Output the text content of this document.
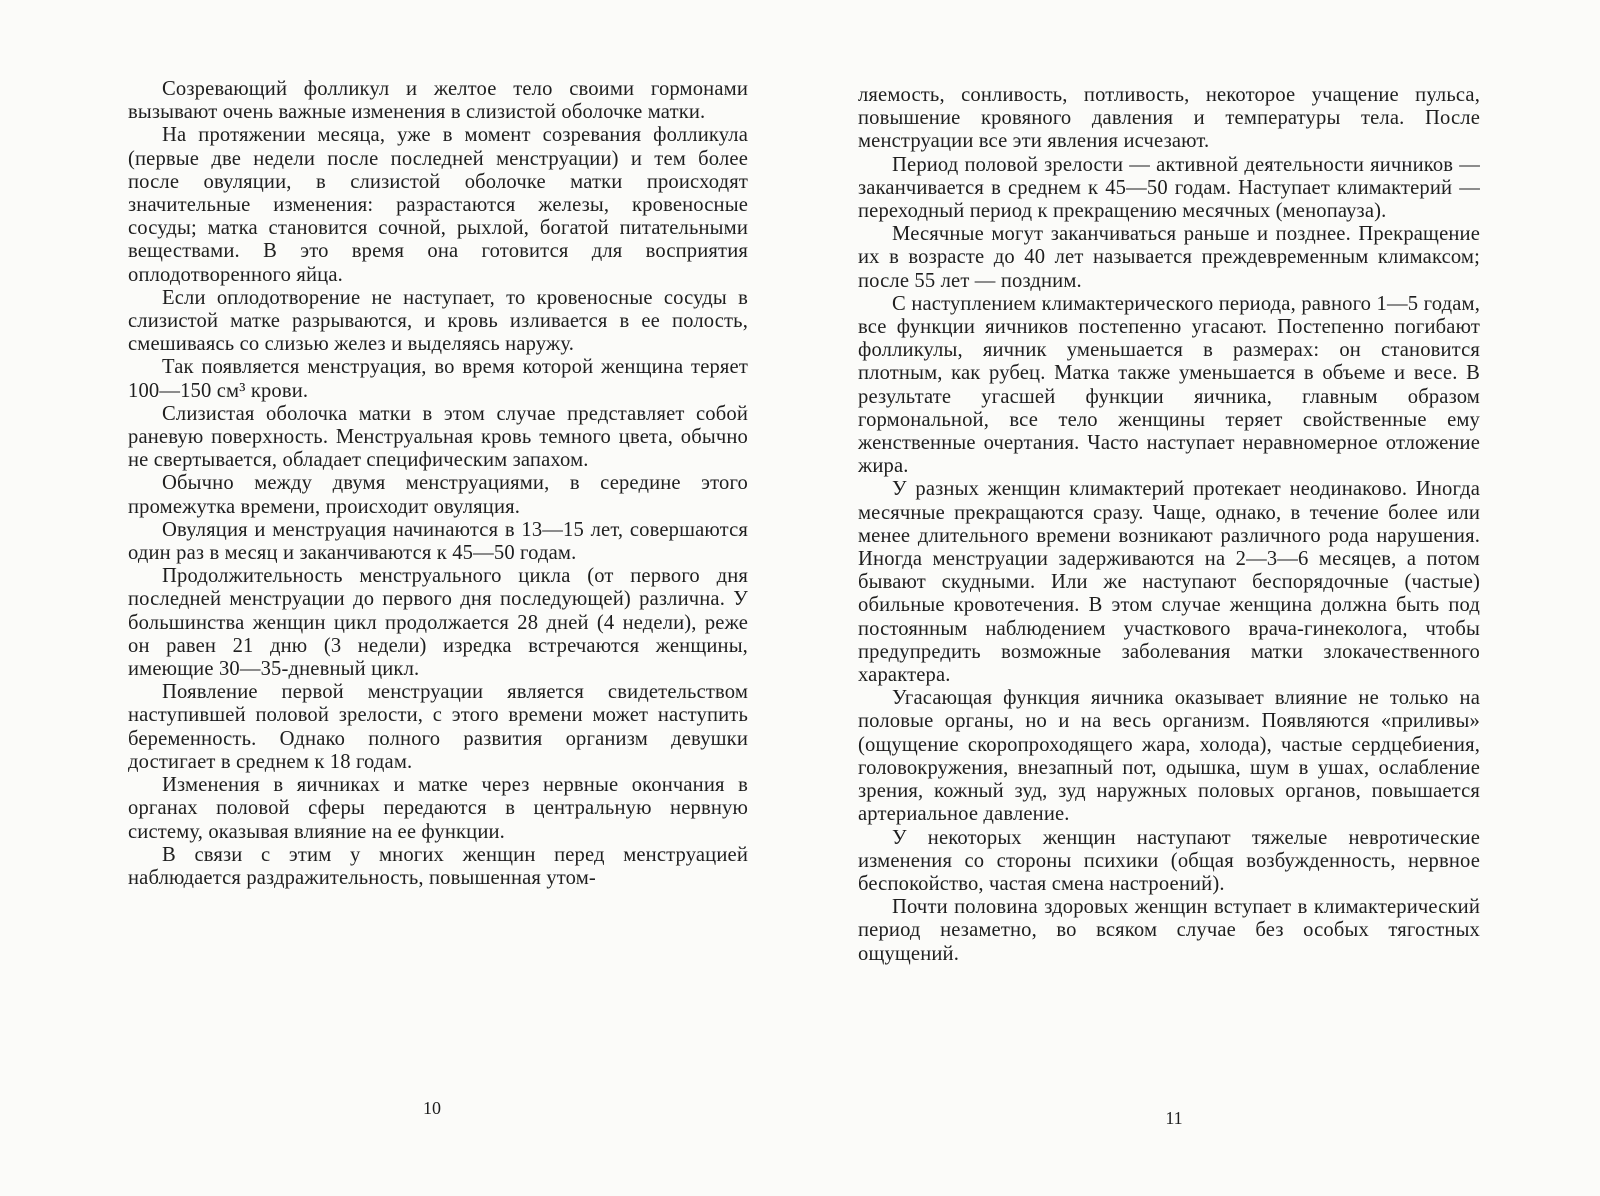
Созревающий фолликул и желтое тело своими гормонами вызывают очень важные изменения в слизистой оболочке матки.

На протяжении месяца, уже в момент созревания фолликула (первые две недели после последней менструации) и тем более после овуляции, в слизистой оболочке матки происходят значительные изменения: разрастаются железы, кровеносные сосуды; матка становится сочной, рыхлой, богатой питательными веществами. В это время она готовится для восприятия оплодотворенного яйца.

Если оплодотворение не наступает, то кровеносные сосуды в слизистой матке разрываются, и кровь изливается в ее полость, смешиваясь со слизью желез и выделяясь наружу.

Так появляется менструация, во время которой женщина теряет 100—150 см³ крови.

Слизистая оболочка матки в этом случае представляет собой раневую поверхность. Менструальная кровь темного цвета, обычно не свертывается, обладает специфическим запахом.

Обычно между двумя менструациями, в середине этого промежутка времени, происходит овуляция.

Овуляция и менструация начинаются в 13—15 лет, совершаются один раз в месяц и заканчиваются к 45—50 годам.

Продолжительность менструального цикла (от первого дня последней менструации до первого дня последующей) различна. У большинства женщин цикл продолжается 28 дней (4 недели), реже он равен 21 дню (3 недели) изредка встречаются женщины, имеющие 30—35-дневный цикл.

Появление первой менструации является свидетельством наступившей половой зрелости, с этого времени может наступить беременность. Однако полного развития организм девушки достигает в среднем к 18 годам.

Изменения в яичниках и матке через нервные окончания в органах половой сферы передаются в центральную нервную систему, оказывая влияние на ее функции.

В связи с этим у многих женщин перед менструацией наблюдается раздражительность, повышенная утом-

10

ляемость, сонливость, потливость, некоторое учащение пульса, повышение кровяного давления и температуры тела. После менструации все эти явления исчезают.

Период половой зрелости — активной деятельности яичников — заканчивается в среднем к 45—50 годам. Наступает климактерий — переходный период к прекращению месячных (менопауза).

Месячные могут заканчиваться раньше и позднее. Прекращение их в возрасте до 40 лет называется преждевременным климаксом; после 55 лет — поздним.

С наступлением климактерического периода, равного 1—5 годам, все функции яичников постепенно угасают. Постепенно погибают фолликулы, яичник уменьшается в размерах: он становится плотным, как рубец. Матка также уменьшается в объеме и весе. В результате угасшей функции яичника, главным образом гормональной, все тело женщины теряет свойственные ему женственные очертания. Часто наступает неравномерное отложение жира.

У разных женщин климактерий протекает неодинаково. Иногда месячные прекращаются сразу. Чаще, однако, в течение более или менее длительного времени возникают различного рода нарушения. Иногда менструации задерживаются на 2—3—6 месяцев, а потом бывают скудными. Или же наступают беспорядочные (частые) обильные кровотечения. В этом случае женщина должна быть под постоянным наблюдением участкового врача-гинеколога, чтобы предупредить возможные заболевания матки злокачественного характера.

Угасающая функция яичника оказывает влияние не только на половые органы, но и на весь организм. Появляются «приливы» (ощущение скоропроходящего жара, холода), частые сердцебиения, головокружения, внезапный пот, одышка, шум в ушах, ослабление зрения, кожный зуд, зуд наружных половых органов, повышается артериальное давление.

У некоторых женщин наступают тяжелые невротические изменения со стороны психики (общая возбужденность, нервное беспокойство, частая смена настроений).

Почти половина здоровых женщин вступает в климактерический период незаметно, во всяком случае без особых тягостных ощущений.

11
